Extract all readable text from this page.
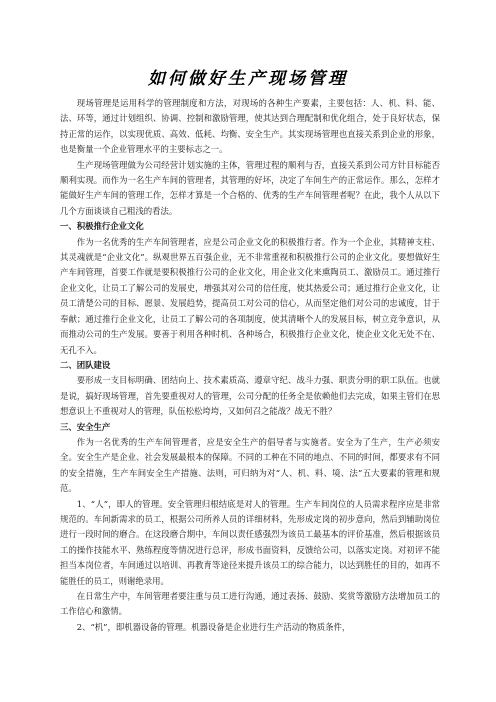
如何做好生产现场管理

现场管理是运用科学的管理制度和方法，对现场的各种生产要素，主要包括：人、机、料、能、法、环等，通过计划组织、协调、控制和激励管理，使其达到合理配制和优化组合，处于良好状态，保持正常的运作，以实现优质、高效、低耗、均衡、安全生产。其实现场管理也直接关系到企业的形象，也是衡量一个企业管理水平的主要标志之一。

生产现场管理做为公司经营计划实施的主体，管理过程的顺利与否，直接关系到公司方针目标能否顺利实现。而作为一名生产车间的管理者，其管理的好坏，决定了车间生产的正常运作。那么，怎样才能做好生产车间的管理工作，怎样才算是一个合格的、优秀的生产车间管理者呢？在此，我个人从以下几个方面谈谈自己粗浅的看法。

一、积极推行企业文化

作为一名优秀的生产车间管理者，应是公司企业文化的积极推行者。作为一个企业，其精神支柱、其灵魂就是“企业文化”。纵观世界五百强企业，无不非常重视和积极推行公司的企业文化。要想做好生产车间管理，首要工作就是要积极推行公司的企业文化，用企业文化来熏陶员工、激励员工。通过推行企业文化，让员工了解公司的发展史，增强其对公司的信任度，使其热爱公司；通过推行企业文化，让员工清楚公司的目标、愿景、发展趋势，提高员工对公司的信心，从而坚定他们对公司的忠诚度，甘于奉献；通过推行企业文化，让员工了解公司的各项制度，使其清晰个人的发展目标，树立竞争意识，从而推动公司的生产发展。要善于利用各种时机、各种场合，积极推行企业文化，使企业文化无处不在、无孔不入。

二、团队建设

要形成一支目标明确、团结向上、技术素质高、遵章守纪、战斗力强、职责分明的职工队伍。也就是说，搞好现场管理，首先要重视对人的管理，公司分配的任务全是依赖他们去完成，如果主管们在思想意识上不重视对人的管理，队伍松松垮垮，又如何召之能战？战无不胜？

三、安全生产

作为一名优秀的生产车间管理者，应是安全生产的倡导者与实施者。安全为了生产，生产必须安全。安全生产是企业、社会发展最根本的保障。不同的工种在不同的地点、不同的时间，都要求有不同的安全措施，生产车间安全生产措施、法则，可归纳为对“人、机、料、境、法”五大要素的管理和规范。

1、“人”，即人的管理。安全管理归根结底是对人的管理。生产车间岗位的人员需求程序应是非常规范的。车间新需求的员工，根据公司所养人员的详细材料，先形成定岗的初步意向，然后到辅助岗位进行一段时间的磨合。在这段磨合期中，车间以责任感强烈为该员工最基本的评价基准，然后根据该员工的操作技能水平、熟练程度等情况进行总评，形成书面资料，反馈给公司，以落实定岗。对初评不能担当本岗位者，车间通过以培训、再教育等途径来提升该员工的综合能力，以达到胜任的目的，如再不能胜任的员工，则谢绝录用。

在日常生产中，车间管理者要注重与员工进行沟通，通过表扬、鼓励、奖赏等激励方法增加员工的工作信心和激情。

2、“机”，即机器设备的管理。机器设备是企业进行生产活动的物质条件，
